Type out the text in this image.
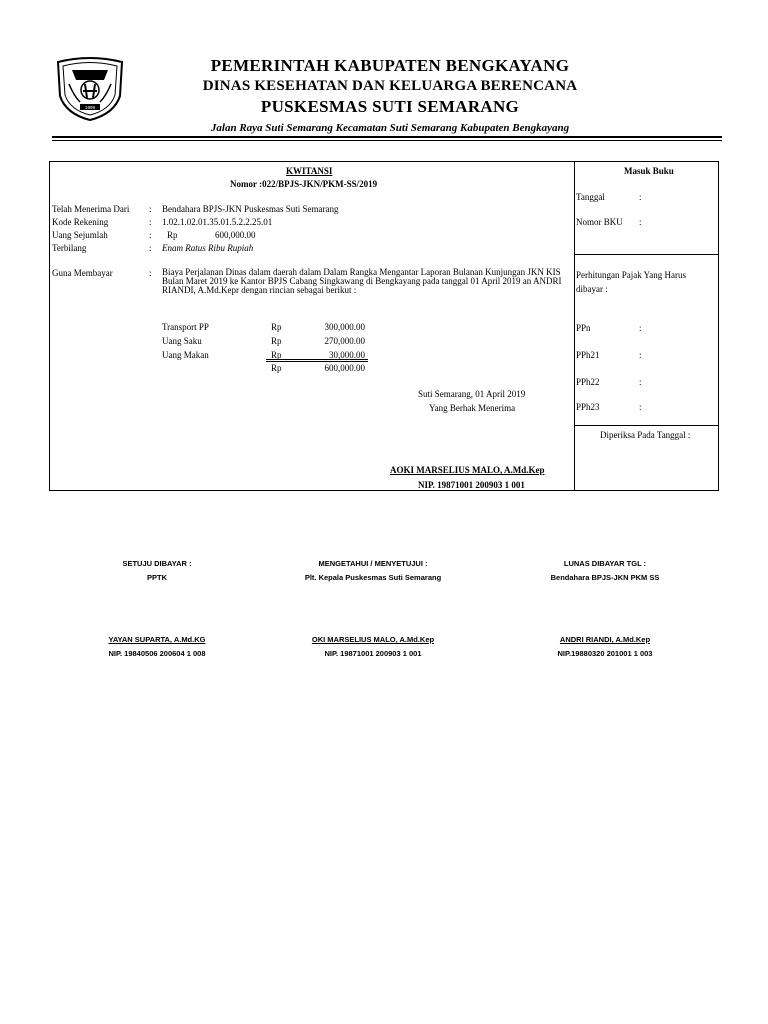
1999
PEMERINTAH KABUPATEN BENGKAYANG
DINAS KESEHATAN DAN KELUARGA BERENCANA
PUSKESMAS SUTI SEMARANG
Jalan Raya Suti Semarang Kecamatan Suti Semarang Kabupaten Bengkayang
KWITANSI
Nomor :022/BPJS-JKN/PKM-SS/2019
Telah Menerima Dari : Bendahara BPJS-JKN Puskesmas Suti Semarang
Kode Rekening	: 1.02.1.02.01.35.01.5.2.2.25.01
Uang Sejumlah	: Rp	600,000.00
Terbilang	: Enam Ratus Ribu Rupiah
Guna Membayar	: Biaya Perjalanan Dinas dalam daerah dalam Dalam Rangka Mengantar Laporan Bulanan Kunjungan JKN KIS Bulan Maret 2019 ke Kantor BPJS Cabang Singkawang di Bengkayang pada tanggal 01 April 2019 an ANDRI RIANDI, A.Md.Kepr dengan rincian sebagai berikut :
Transport PP	Rp	300,000.00
Uang Saku	Rp	270,000.00
Uang Makan	Rp	30,000.00
Rp	600,000.00
Suti Semarang, 01 April 2019
Yang Berhak Menerima
AOKI MARSELIUS MALO, A.Md.Kep
NIP. 19871001 200903 1 001
Masuk Buku
Tanggal	:
Nomor BKU :
Perhitungan Pajak Yang Harus
dibayar :
PPn	:
PPh21	:
PPh22	:
PPh23	:
Diperiksa Pada Tanggal :
SETUJU DIBAYAR :
PPTK
YAYAN SUPARTA, A.Md.KG
NIP. 19840506 200604 1 008
MENGETAHUI / MENYETUJUI :
Plt. Kepala Puskesmas Suti Semarang
OKI MARSELIUS MALO, A.Md.Kep
NIP. 19871001 200903 1 001
LUNAS DIBAYAR TGL :
Bendahara BPJS-JKN PKM SS
ANDRI RIANDI, A.Md.Kep
NIP.19880320 201001 1 003
